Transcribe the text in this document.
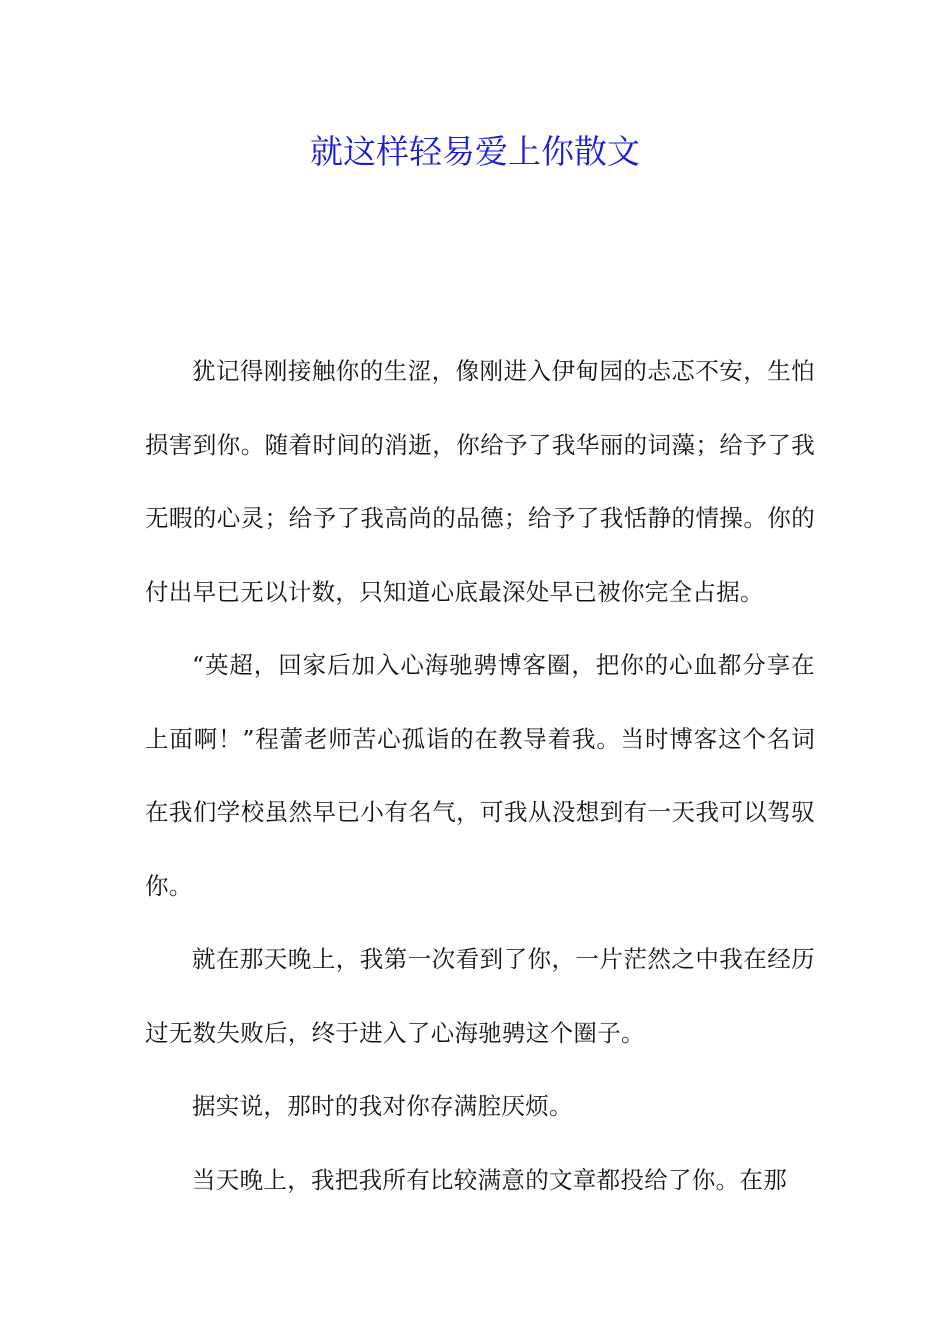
就这样轻易爱上你散文

犹记得刚接触你的生涩，像刚进入伊甸园的忐忑不安，生怕损害到你。随着时间的消逝，你给予了我华丽的词藻；给予了我无暇的心灵；给予了我高尚的品德；给予了我恬静的情操。你的付出早已无以计数，只知道心底最深处早已被你完全占据。

“英超，回家后加入心海驰骋博客圈，把你的心血都分享在上面啊！”程蕾老师苦心孤诣的在教导着我。当时博客这个名词在我们学校虽然早已小有名气，可我从没想到有一天我可以驾驭你。

就在那天晚上，我第一次看到了你，一片茫然之中我在经历过无数失败后，终于进入了心海驰骋这个圈子。

据实说，那时的我对你存满腔厌烦。

当天晚上，我把我所有比较满意的文章都投给了你。在那
